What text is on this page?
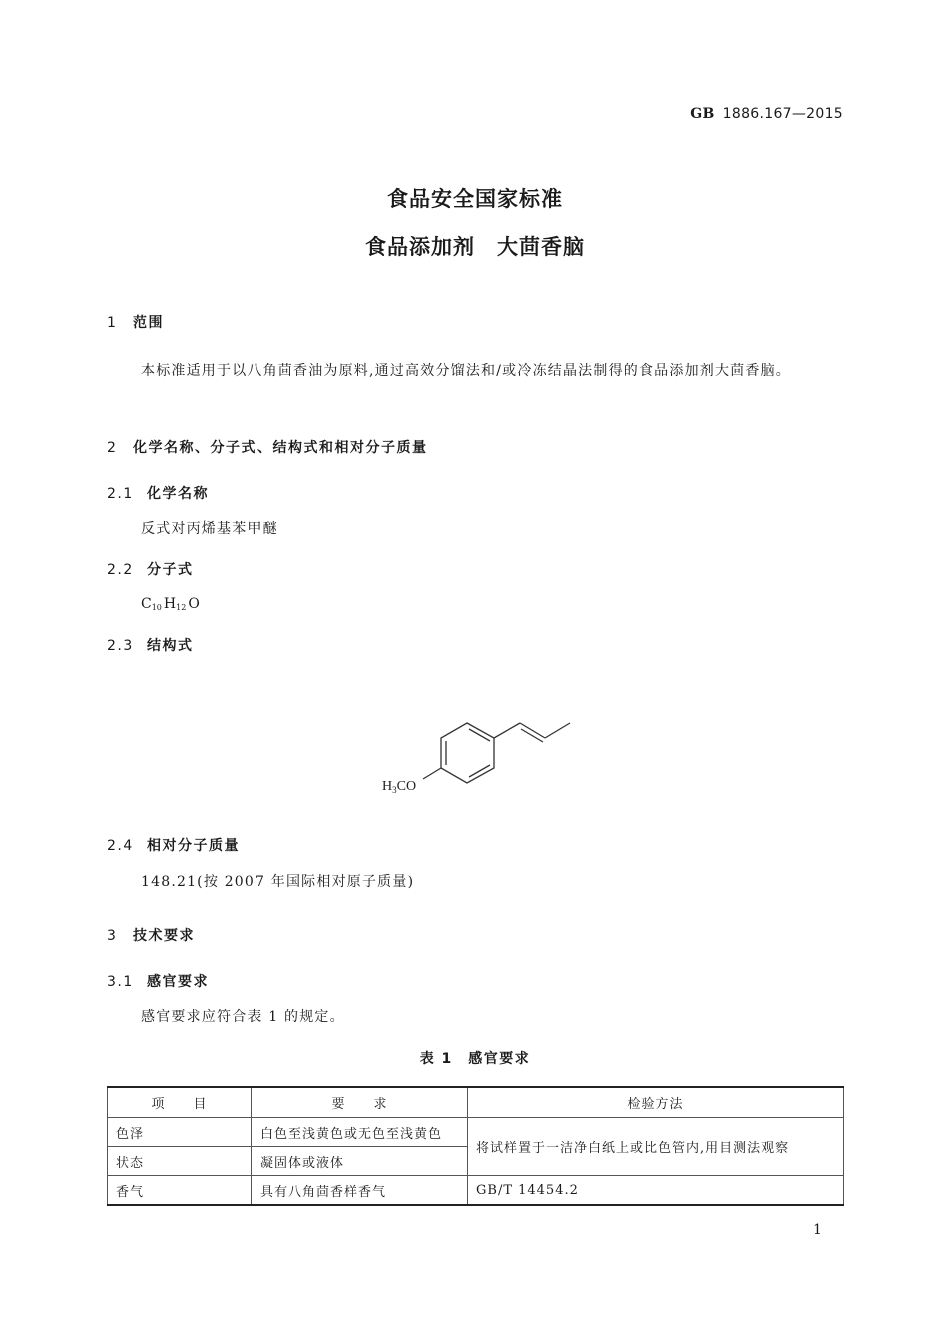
GB 1886.167—2015
食品安全国家标准
食品添加剂　大茴香脑
1 范围
本标准适用于以八角茴香油为原料,通过高效分馏法和/或冷冻结晶法制得的食品添加剂大茴香脑。
2 化学名称、分子式、结构式和相对分子质量
2.1 化学名称
反式对丙烯基苯甲醚
2.2 分子式
$C_{10}$ $H_{12}$ O
2.3 结构式
$H_3CO$
2.4 相对分子质量
148.21(按 2007 年国际相对原子质量)
3 技术要求
3.1 感官要求
感官要求应符合表 1 的规定。
表 1　感官要求
项　　目	要　　求	检验方法
色泽	白色至浅黄色或无色至浅黄色	将试样置于一洁净白纸上或比色管内,用目测法观察
状态	凝固体或液体	
香气	具有八角茴香样香气	GB/T 14454.2
1
